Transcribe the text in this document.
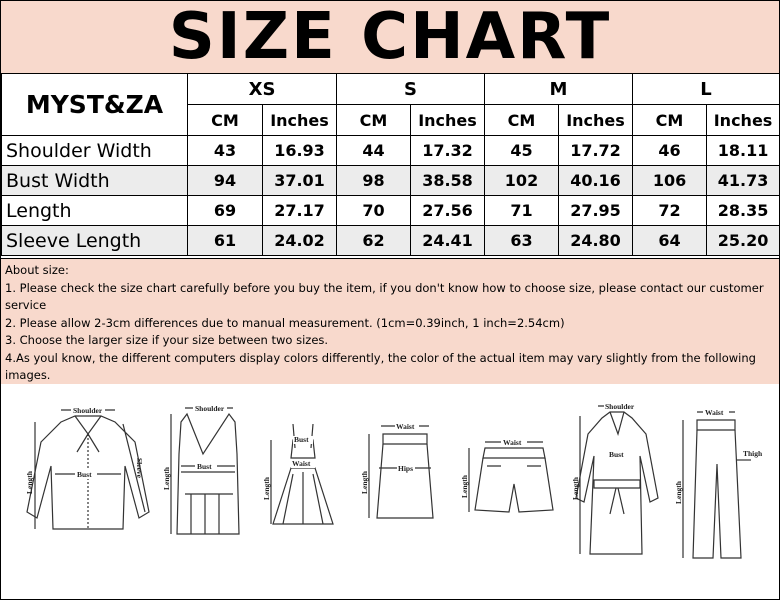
SIZE CHART
MYST&ZA	XS		S		M		L	
	CM	Inches	CM	Inches	CM	Inches	CM	Inches
Shoulder Width	43	16.93	44	17.32	45	17.72	46	18.11
Bust Width	94	37.01	98	38.58	102	40.16	106	41.73
Length	69	27.17	70	27.56	71	27.95	72	28.35
Sleeve Length	61	24.02	62	24.41	63	24.80	64	25.20

About size:

1. Please check the size chart carefully before you buy the item, if you don't know how to choose size, please contact our customer service

2. Please allow 2-3cm differences due to manual measurement. (1cm=0.39inch, 1 inch=2.54cm)

3. Choose the larger size if your size between two sizes.

4.As youl know, the different computers display colors differently, the color of the actual item may vary slightly from the following images.

Shoulder
Bust
Length
Sleeve
Shoulder
Bust
Length
Bust
Waist
Length
Waist
Hips
Length
Waist
Length
Shoulder
Bust
Length
Waist
Thigh
Length
